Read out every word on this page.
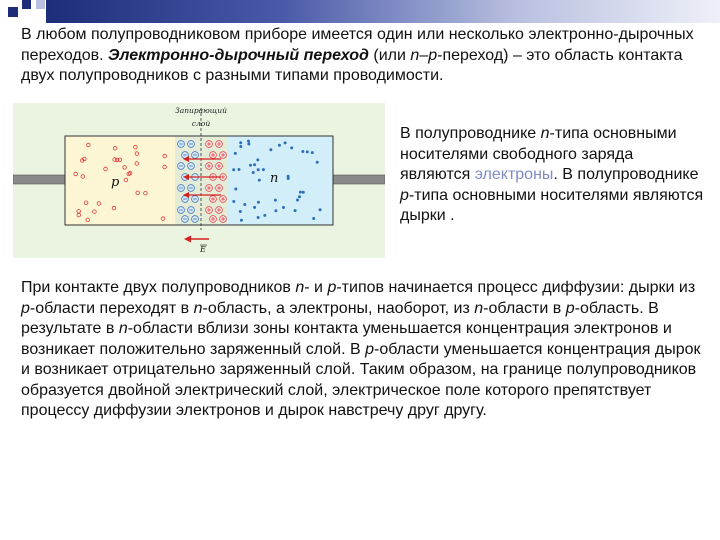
В любом полупроводниковом приборе имеется один или несколько электронно-дырочных переходов. Электронно-дырочный переход (или n–p-переход) – это область контакта двух полупроводников с разными типами проводимости.

Запирающий
слой
p	n
E

В полупроводнике n-типа основными носителями свободного заряда являются электроны. В полупроводнике p-типа основными носителями являются дырки .

При контакте двух полупроводников n- и p-типов начинается процесс диффузии: дырки из p-области переходят в n-область, а электроны, наоборот, из n-области в p-область. В результате в n-области вблизи зоны контакта уменьшается концентрация электронов и возникает положительно заряженный слой. В p-области уменьшается концентрация дырок и возникает отрицательно заряженный слой. Таким образом, на границе полупроводников образуется двойной электрический слой, электрическое поле которого препятствует процессу диффузии электронов и дырок навстречу друг другу.
